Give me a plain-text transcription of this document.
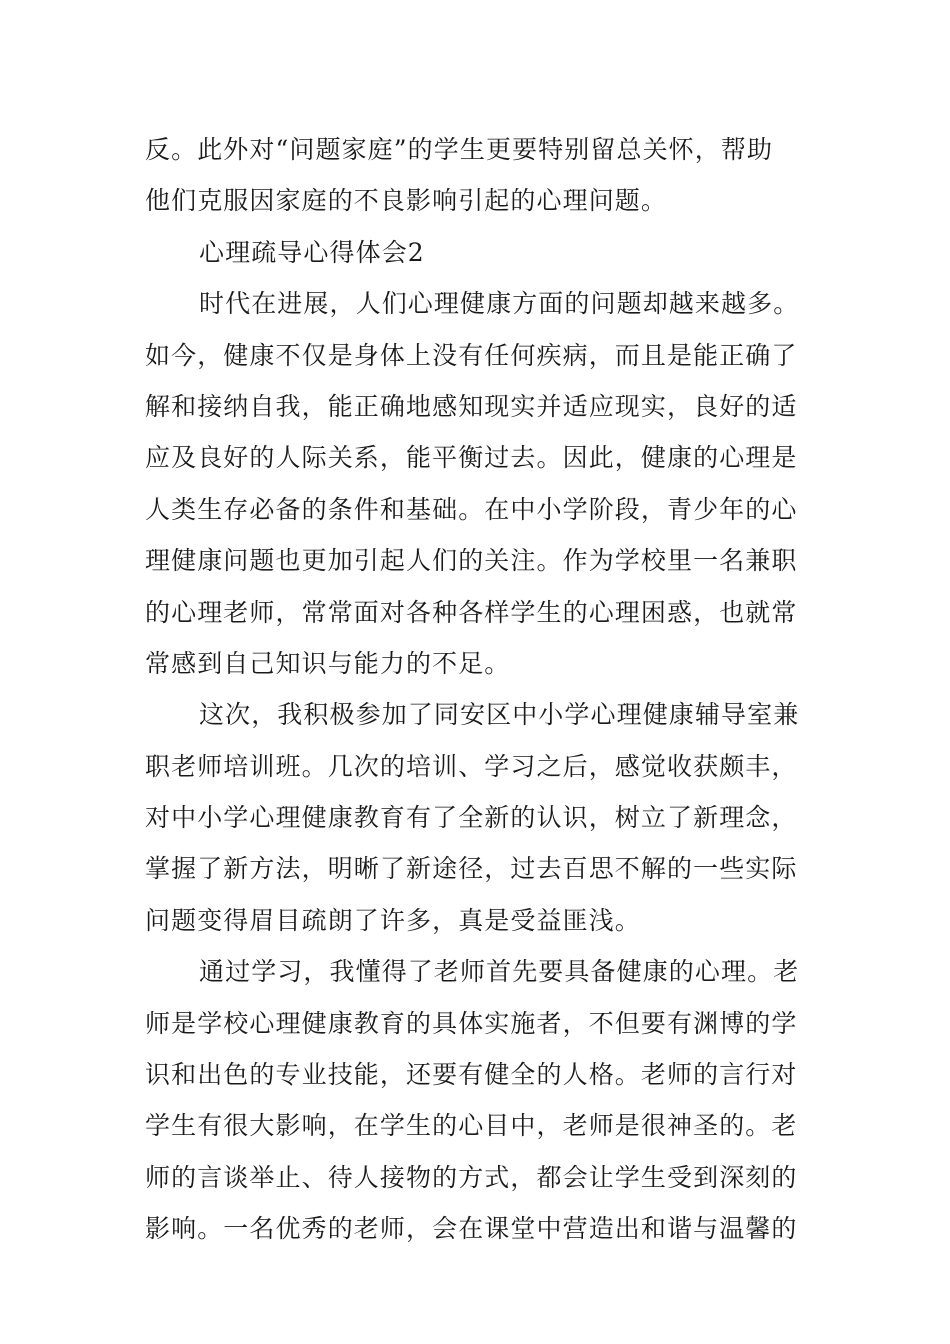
反。此外对“问题家庭”的学生更要特别留总关怀，帮助
他们克服因家庭的不良影响引起的心理问题。
心理疏导心得体会2
时代在进展，人们心理健康方面的问题却越来越多。
如今，健康不仅是身体上没有任何疾病，而且是能正确了
解和接纳自我，能正确地感知现实并适应现实，良好的适
应及良好的人际关系，能平衡过去。因此，健康的心理是
人类生存必备的条件和基础。在中小学阶段，青少年的心
理健康问题也更加引起人们的关注。作为学校里一名兼职
的心理老师，常常面对各种各样学生的心理困惑，也就常
常感到自己知识与能力的不足。
这次，我积极参加了同安区中小学心理健康辅导室兼
职老师培训班。几次的培训、学习之后，感觉收获颇丰，
对中小学心理健康教育有了全新的认识，树立了新理念，
掌握了新方法，明晰了新途径，过去百思不解的一些实际
问题变得眉目疏朗了许多，真是受益匪浅。
通过学习，我懂得了老师首先要具备健康的心理。老
师是学校心理健康教育的具体实施者，不但要有渊博的学
识和出色的专业技能，还要有健全的人格。老师的言行对
学生有很大影响，在学生的心目中，老师是很神圣的。老
师的言谈举止、待人接物的方式，都会让学生受到深刻的
影响。一名优秀的老师，会在课堂中营造出和谐与温馨的
